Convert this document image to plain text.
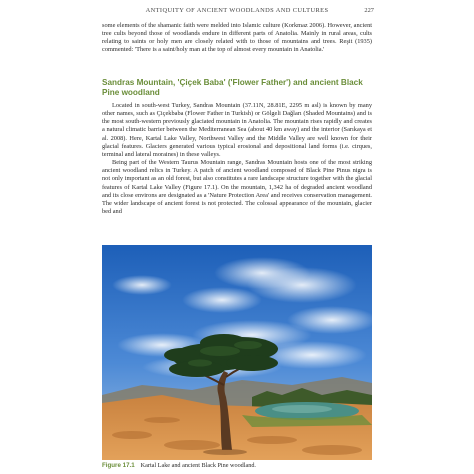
ANTIQUITY OF ANCIENT WOODLANDS AND CULTURES	227

some elements of the shamanic faith were melded into Islamic culture (Korkmaz 2006). However, ancient tree cults beyond those of woodlands endure in different parts of Anatolia. Mainly in rural areas, cults relating to saints or holy men are closely related with to those of mountains and trees. Reşit (1935) commented: 'There is a saint/holy man at the top of almost every mountain in Anatolia.'

Sandras Mountain, 'Çiçek Baba' ('Flower Father') and ancient Black Pine woodland

Located in south-west Turkey, Sandras Mountain (37.11N, 28.81E, 2295 m asl) is known by many other names, such as Çiçekbaba (Flower Father in Turkish) or Gölgeli Dağları (Shaded Mountains) and is the most south-western previously glaciated mountain in Anatolia. The mountain rises rapidly and creates a natural climatic barrier between the Mediterranean Sea (about 40 km away) and the interior (Sarıkaya et al. 2008). Here, Kartal Lake Valley, Northwest Valley and the Middle Valley are well known for their glacial features. Glaciers generated various typical erosional and depositional land forms (i.e. cirques, terminal and lateral moraines) in these valleys.

Being part of the Western Taurus Mountain range, Sandras Mountain hosts one of the most striking ancient woodland relics in Turkey. A patch of ancient woodland composed of Black Pine Pinus nigra is not only important as an old forest, but also constitutes a rare landscape structure together with the glacial features of Kartal Lake Valley (Figure 17.1). On the mountain, 1,342 ha of degraded ancient woodland and its close environs are designated as a 'Nature Protection Area' and receives conservation management. The wider landscape of ancient forest is not protected. The colossal appearance of the mountain, glacier bed and

Figure 17.1 Kartal Lake and ancient Black Pine woodland.
